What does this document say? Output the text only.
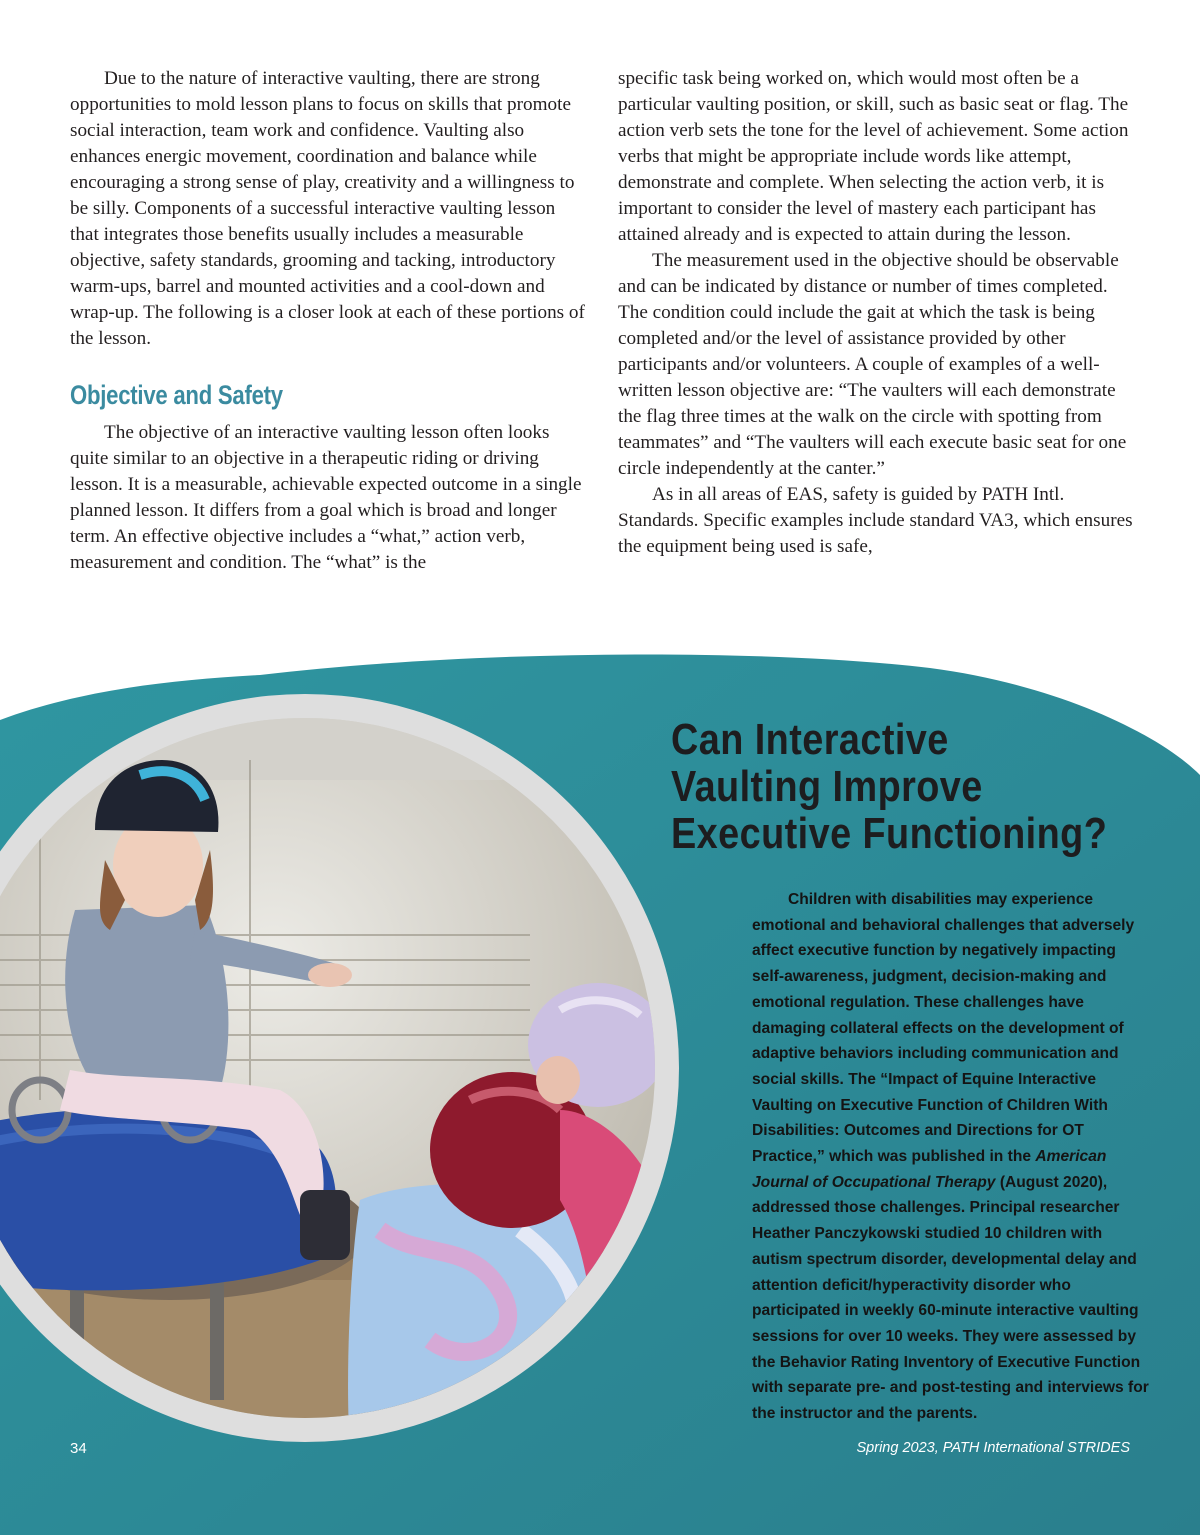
Due to the nature of interactive vaulting, there are strong opportunities to mold lesson plans to focus on skills that promote social interaction, team work and confidence. Vaulting also enhances energic movement, coordination and balance while encouraging a strong sense of play, creativity and a willingness to be silly. Components of a successful interactive vaulting lesson that integrates those benefits usually includes a measurable objective, safety standards, grooming and tacking, introductory warm-ups, barrel and mounted activities and a cool-down and wrap-up. The following is a closer look at each of these portions of the lesson.

Objective and Safety

The objective of an interactive vaulting lesson often looks quite similar to an objective in a therapeutic riding or driving lesson. It is a measurable, achievable expected outcome in a single planned lesson. It differs from a goal which is broad and longer term. An effective objective includes a “what,” action verb, measurement and condition. The “what” is the

specific task being worked on, which would most often be a particular vaulting position, or skill, such as basic seat or flag. The action verb sets the tone for the level of achievement. Some action verbs that might be appropriate include words like attempt, demonstrate and complete. When selecting the action verb, it is important to consider the level of mastery each participant has attained already and is expected to attain during the lesson.

The measurement used in the objective should be observable and can be indicated by distance or number of times completed. The condition could include the gait at which the task is being completed and/or the level of assistance provided by other participants and/or volunteers. A couple of examples of a well-written lesson objective are: “The vaulters will each demonstrate the flag three times at the walk on the circle with spotting from teammates” and “The vaulters will each execute basic seat for one circle independently at the canter.”

As in all areas of EAS, safety is guided by PATH Intl. Standards. Specific examples include standard VA3, which ensures the equipment being used is safe,

Can Interactive
Vaulting Improve
Executive Functioning?

Children with disabilities may experience emotional and behavioral challenges that adversely affect executive function by negatively impacting self-awareness, judgment, decision-making and emotional regulation. These challenges have damaging collateral effects on the development of adaptive behaviors including communication and social skills. The “Impact of Equine Interactive Vaulting on Executive Function of Children With Disabilities: Outcomes and Directions for OT Practice,” which was published in the American Journal of Occupational Therapy (August 2020), addressed those challenges. Principal researcher Heather Panczykowski studied 10 children with autism spectrum disorder, developmental delay and attention deficit/hyperactivity disorder who participated in weekly 60-minute interactive vaulting sessions for over 10 weeks. They were assessed by the Behavior Rating Inventory of Executive Function with separate pre- and post-testing and interviews for the instructor and the parents.

34	Spring 2023, PATH International STRIDES
